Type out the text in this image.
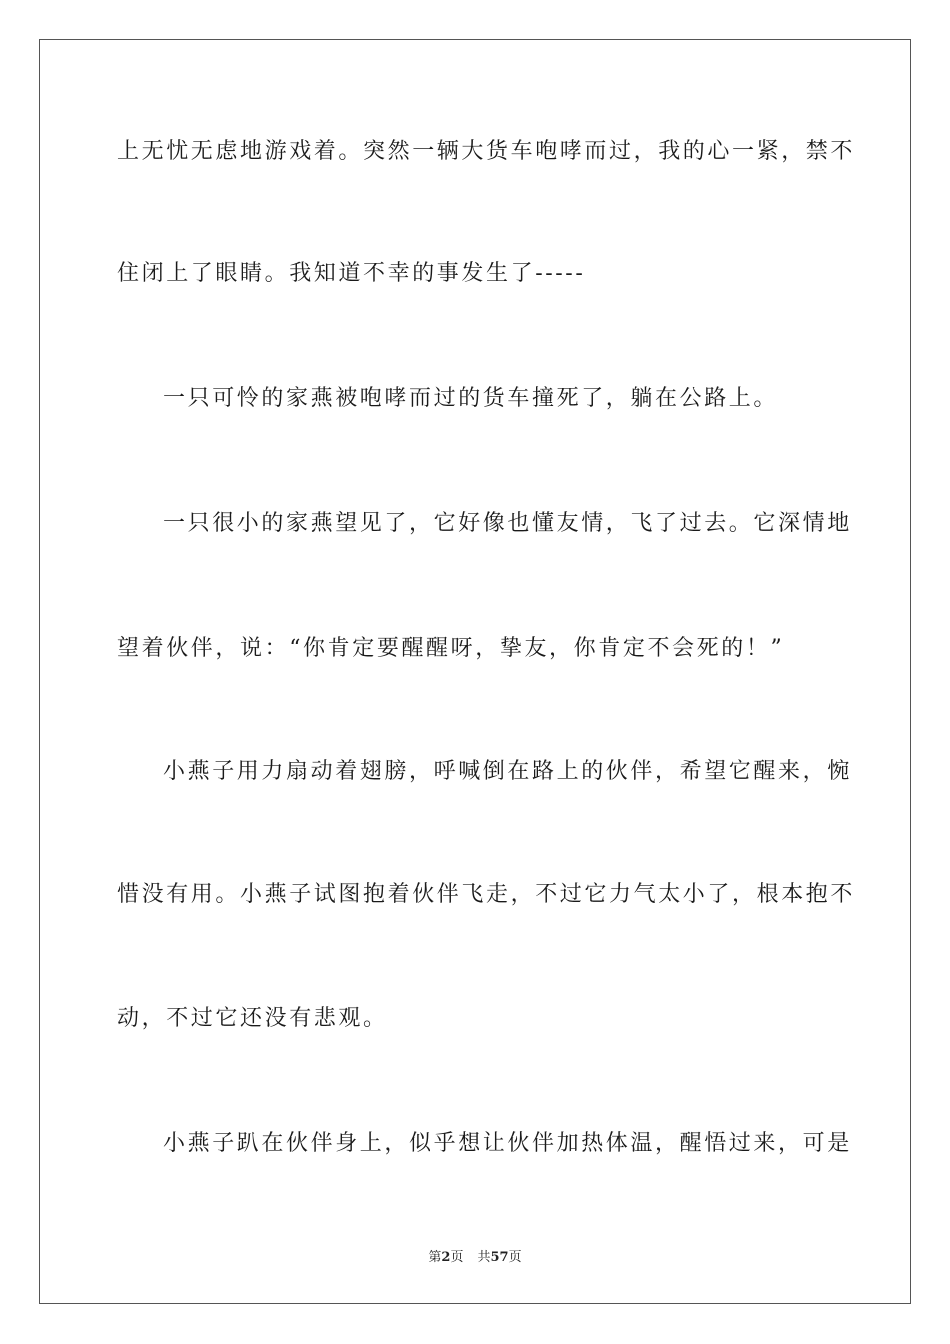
上无忧无虑地游戏着。突然一辆大货车咆哮而过，我的心一紧，禁不
住闭上了眼睛。我知道不幸的事发生了-----
一只可怜的家燕被咆哮而过的货车撞死了，躺在公路上。
一只很小的家燕望见了，它好像也懂友情，飞了过去。它深情地
望着伙伴，说：“你肯定要醒醒呀，挚友，你肯定不会死的！”
小燕子用力扇动着翅膀，呼喊倒在路上的伙伴，希望它醒来，惋
惜没有用。小燕子试图抱着伙伴飞走，不过它力气太小了，根本抱不
动，不过它还没有悲观。
小燕子趴在伙伴身上，似乎想让伙伴加热体温，醒悟过来，可是
第2页 共57页
